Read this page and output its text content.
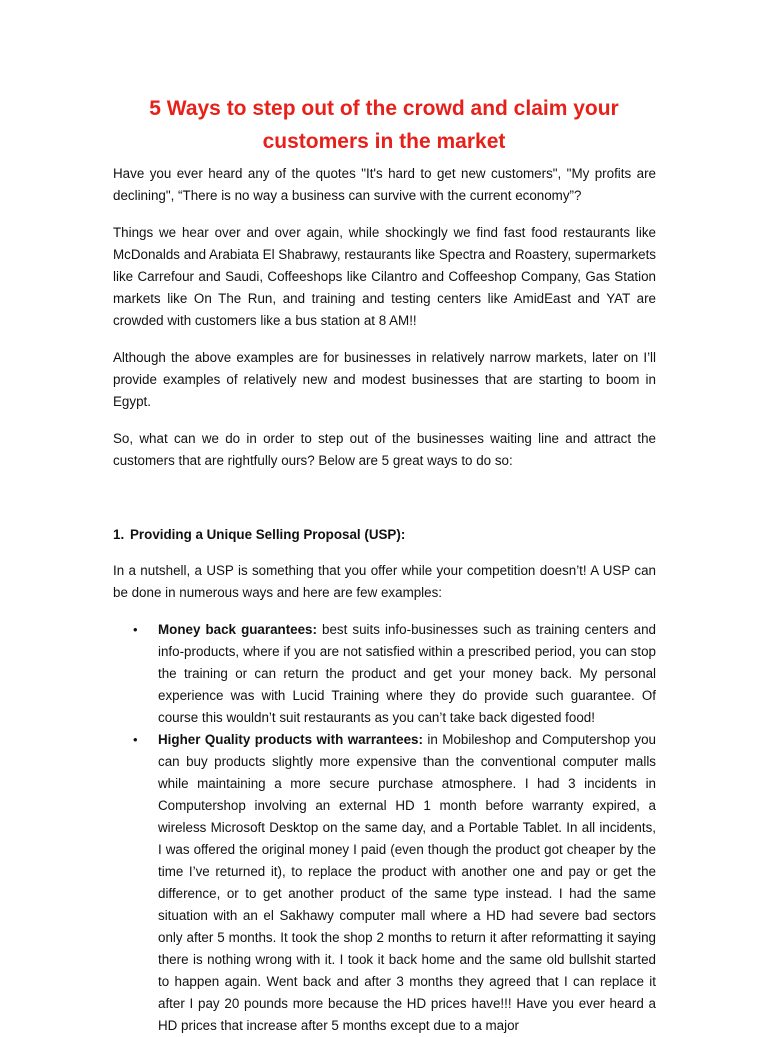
5 Ways to step out of the crowd and claim your customers in the market

Have you ever heard any of the quotes "It's hard to get new customers", "My profits are declining", “There is no way a business can survive with the current economy”?

Things we hear over and over again, while shockingly we find fast food restaurants like McDonalds and Arabiata El Shabrawy, restaurants like Spectra and Roastery, supermarkets like Carrefour and Saudi, Coffeeshops like Cilantro and Coffeeshop Company, Gas Station markets like On The Run, and training and testing centers like AmidEast and YAT are crowded with customers like a bus station at 8 AM!!

Although the above examples are for businesses in relatively narrow markets, later on I’ll provide examples of relatively new and modest businesses that are starting to boom in Egypt.

So, what can we do in order to step out of the businesses waiting line and attract the customers that are rightfully ours? Below are 5 great ways to do so:

1. Providing a Unique Selling Proposal (USP):

In a nutshell, a USP is something that you offer while your competition doesn’t! A USP can be done in numerous ways and here are few examples:

• Money back guarantees: best suits info-businesses such as training centers and info-products, where if you are not satisfied within a prescribed period, you can stop the training or can return the product and get your money back. My personal experience was with Lucid Training where they do provide such guarantee. Of course this wouldn’t suit restaurants as you can’t take back digested food!
• Higher Quality products with warrantees: in Mobileshop and Computershop you can buy products slightly more expensive than the conventional computer malls while maintaining a more secure purchase atmosphere. I had 3 incidents in Computershop involving an external HD 1 month before warranty expired, a wireless Microsoft Desktop on the same day, and a Portable Tablet. In all incidents, I was offered the original money I paid (even though the product got cheaper by the time I’ve returned it), to replace the product with another one and pay or get the difference, or to get another product of the same type instead. I had the same situation with an el Sakhawy computer mall where a HD had severe bad sectors only after 5 months. It took the shop 2 months to return it after reformatting it saying there is nothing wrong with it. I took it back home and the same old bullshit started to happen again. Went back and after 3 months they agreed that I can replace it after I pay 20 pounds more because the HD prices have!!! Have you ever heard a HD prices that increase after 5 months except due to a major
